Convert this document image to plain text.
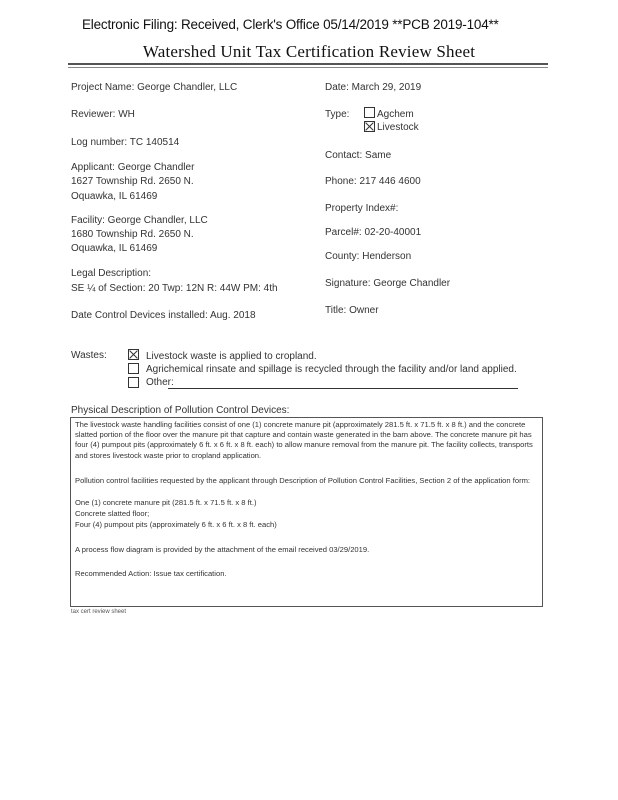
Electronic Filing: Received, Clerk's Office 05/14/2019 **PCB 2019-104**
Watershed Unit Tax Certification Review Sheet
Project Name: George Chandler, LLC
Reviewer: WH
Log number: TC 140514
Applicant: George Chandler
1627 Township Rd. 2650 N.
Oquawka, IL 61469
Facility: George Chandler, LLC
1680 Township Rd. 2650 N.
Oquawka, IL 61469
Legal Description:
SE ¼ of Section: 20 Twp: 12N R: 44W PM: 4th
Date Control Devices installed: Aug. 2018
Date: March 29, 2019
Type:	Agchem
Livestock
Contact: Same
Phone: 217 446 4600
Property Index#:
Parcel#: 02-20-40001
County: Henderson
Signature: George Chandler
Title: Owner
Wastes:	Livestock waste is applied to cropland.
Agrichemical rinsate and spillage is recycled through the facility and/or land applied.
Other:
Physical Description of Pollution Control Devices:
The livestock waste handling facilities consist of one (1) concrete manure pit (approximately 281.5 ft. x 71.5 ft. x 8 ft.) and the concrete slatted portion of the floor over the manure pit that capture and contain waste generated in the barn above. The concrete manure pit has four (4) pumpout pits (approximately 6 ft. x 6 ft. x 8 ft. each) to allow manure removal from the manure pit. The facility collects, transports and stores livestock waste prior to cropland application.
Pollution control facilities requested by the applicant through Description of Pollution Control Facilities, Section 2 of the application form:
One (1) concrete manure pit (281.5 ft. x 71.5 ft. x 8 ft.)
Concrete slatted floor;
Four (4) pumpout pits (approximately 6 ft. x 6 ft. x 8 ft. each)
A process flow diagram is provided by the attachment of the email received 03/29/2019.
Recommended Action: Issue tax certification.
tax cert review sheet
